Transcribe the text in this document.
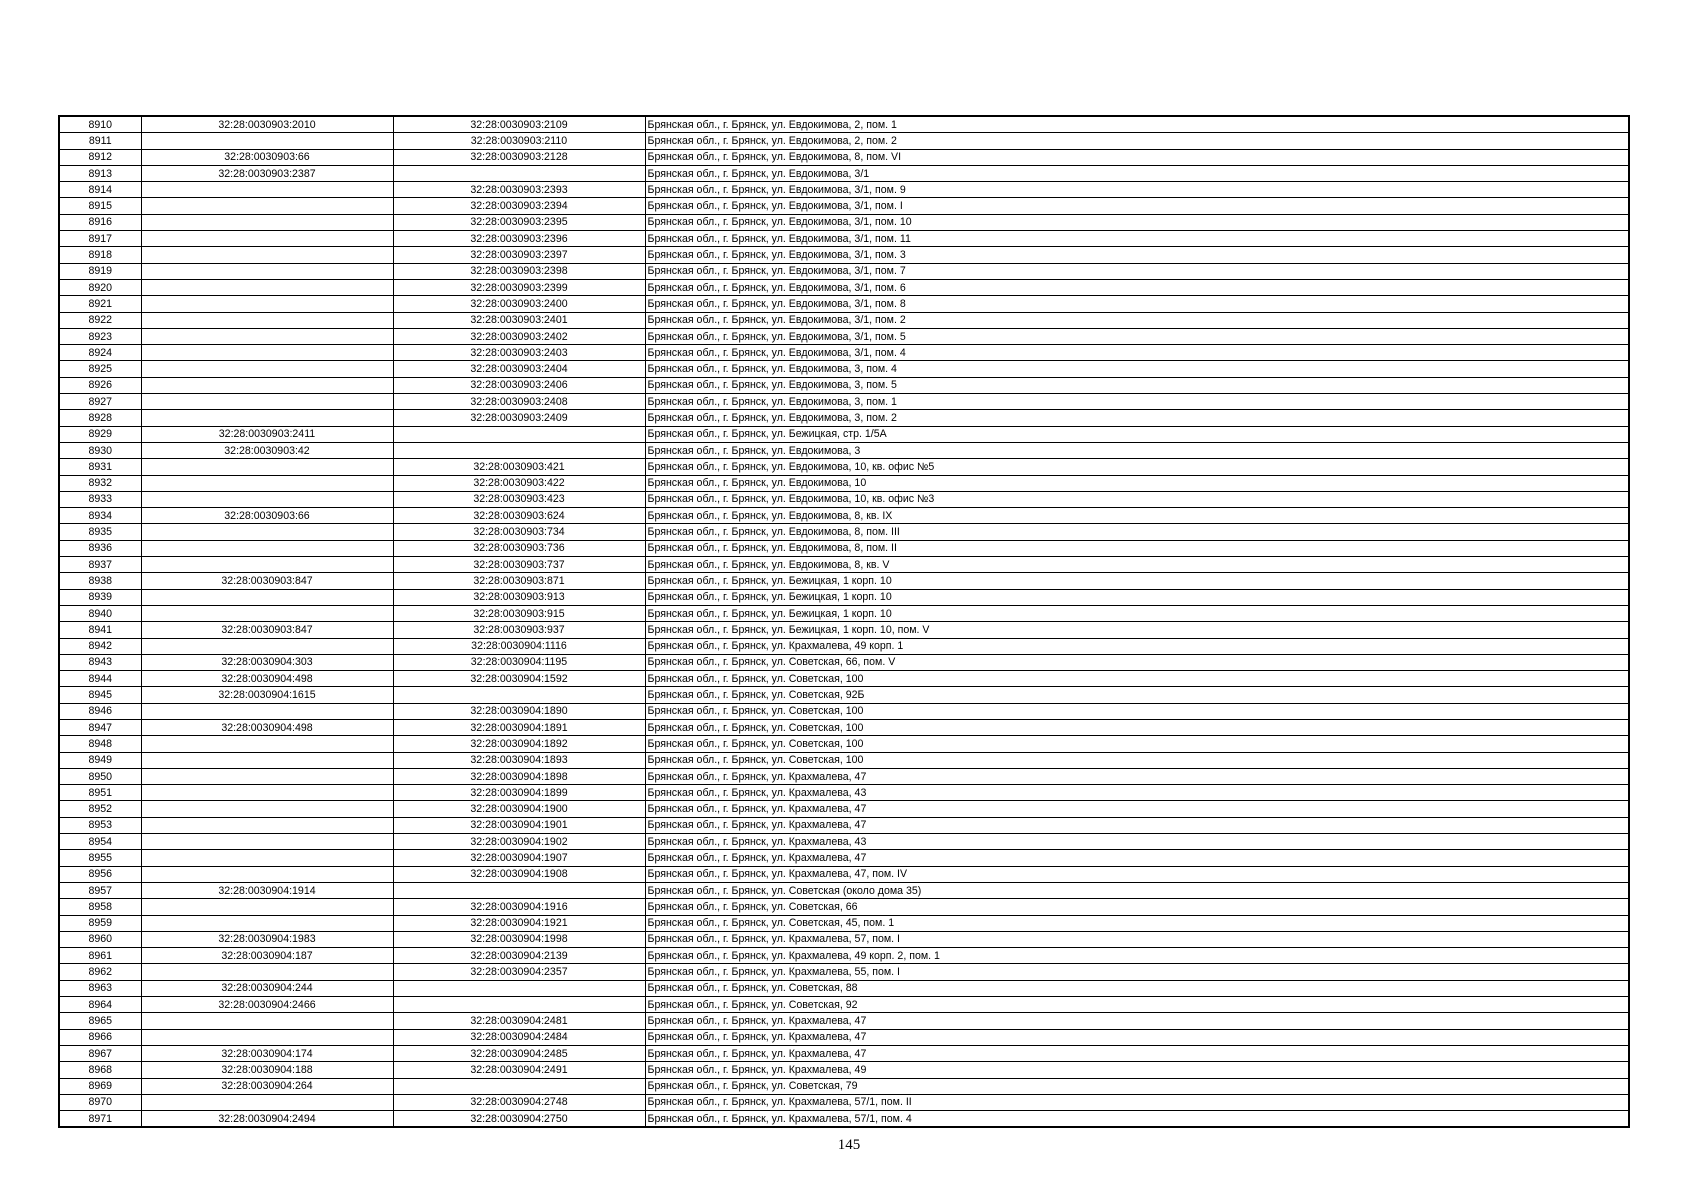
8910	32:28:0030903:2010	32:28:0030903:2109	Брянская обл., г. Брянск, ул. Евдокимова, 2, пом. 1
8911		32:28:0030903:2110	Брянская обл., г. Брянск, ул. Евдокимова, 2, пом. 2
8912	32:28:0030903:66	32:28:0030903:2128	Брянская обл., г. Брянск, ул. Евдокимова, 8, пом. VI
8913	32:28:0030903:2387		Брянская обл., г. Брянск, ул. Евдокимова, 3/1
8914		32:28:0030903:2393	Брянская обл., г. Брянск, ул. Евдокимова, 3/1, пом. 9
8915		32:28:0030903:2394	Брянская обл., г. Брянск, ул. Евдокимова, 3/1, пом. I
8916		32:28:0030903:2395	Брянская обл., г. Брянск, ул. Евдокимова, 3/1, пом. 10
8917		32:28:0030903:2396	Брянская обл., г. Брянск, ул. Евдокимова, 3/1, пом. 11
8918		32:28:0030903:2397	Брянская обл., г. Брянск, ул. Евдокимова, 3/1, пом. 3
8919		32:28:0030903:2398	Брянская обл., г. Брянск, ул. Евдокимова, 3/1, пом. 7
8920		32:28:0030903:2399	Брянская обл., г. Брянск, ул. Евдокимова, 3/1, пом. 6
8921		32:28:0030903:2400	Брянская обл., г. Брянск, ул. Евдокимова, 3/1, пом. 8
8922		32:28:0030903:2401	Брянская обл., г. Брянск, ул. Евдокимова, 3/1, пом. 2
8923		32:28:0030903:2402	Брянская обл., г. Брянск, ул. Евдокимова, 3/1, пом. 5
8924		32:28:0030903:2403	Брянская обл., г. Брянск, ул. Евдокимова, 3/1, пом. 4
8925		32:28:0030903:2404	Брянская обл., г. Брянск, ул. Евдокимова, 3, пом. 4
8926		32:28:0030903:2406	Брянская обл., г. Брянск, ул. Евдокимова, 3, пом. 5
8927		32:28:0030903:2408	Брянская обл., г. Брянск, ул. Евдокимова, 3, пом. 1
8928		32:28:0030903:2409	Брянская обл., г. Брянск, ул. Евдокимова, 3, пом. 2
8929	32:28:0030903:2411		Брянская обл., г. Брянск, ул. Бежицкая, стр. 1/5А
8930	32:28:0030903:42		Брянская обл., г. Брянск, ул. Евдокимова, 3
8931		32:28:0030903:421	Брянская обл., г. Брянск, ул. Евдокимова, 10, кв. офис №5
8932		32:28:0030903:422	Брянская обл., г. Брянск, ул. Евдокимова, 10
8933		32:28:0030903:423	Брянская обл., г. Брянск, ул. Евдокимова, 10, кв. офис №3
8934	32:28:0030903:66	32:28:0030903:624	Брянская обл., г. Брянск, ул. Евдокимова, 8, кв. IX
8935		32:28:0030903:734	Брянская обл., г. Брянск, ул. Евдокимова, 8, пом. III
8936		32:28:0030903:736	Брянская обл., г. Брянск, ул. Евдокимова, 8, пом. II
8937		32:28:0030903:737	Брянская обл., г. Брянск, ул. Евдокимова, 8, кв. V
8938	32:28:0030903:847	32:28:0030903:871	Брянская обл., г. Брянск, ул. Бежицкая, 1 корп. 10
8939		32:28:0030903:913	Брянская обл., г. Брянск, ул. Бежицкая, 1 корп. 10
8940		32:28:0030903:915	Брянская обл., г. Брянск, ул. Бежицкая, 1 корп. 10
8941	32:28:0030903:847	32:28:0030903:937	Брянская обл., г. Брянск, ул. Бежицкая, 1 корп. 10, пом. V
8942		32:28:0030904:1116	Брянская обл., г. Брянск, ул. Крахмалева, 49 корп. 1
8943	32:28:0030904:303	32:28:0030904:1195	Брянская обл., г. Брянск, ул. Советская, 66, пом. V
8944	32:28:0030904:498	32:28:0030904:1592	Брянская обл., г. Брянск, ул. Советская, 100
8945	32:28:0030904:1615		Брянская обл., г. Брянск, ул. Советская, 92Б
8946		32:28:0030904:1890	Брянская обл., г. Брянск, ул. Советская, 100
8947	32:28:0030904:498	32:28:0030904:1891	Брянская обл., г. Брянск, ул. Советская, 100
8948		32:28:0030904:1892	Брянская обл., г. Брянск, ул. Советская, 100
8949		32:28:0030904:1893	Брянская обл., г. Брянск, ул. Советская, 100
8950		32:28:0030904:1898	Брянская обл., г. Брянск, ул. Крахмалева, 47
8951		32:28:0030904:1899	Брянская обл., г. Брянск, ул. Крахмалева, 43
8952		32:28:0030904:1900	Брянская обл., г. Брянск, ул. Крахмалева, 47
8953		32:28:0030904:1901	Брянская обл., г. Брянск, ул. Крахмалева, 47
8954		32:28:0030904:1902	Брянская обл., г. Брянск, ул. Крахмалева, 43
8955		32:28:0030904:1907	Брянская обл., г. Брянск, ул. Крахмалева, 47
8956		32:28:0030904:1908	Брянская обл., г. Брянск, ул. Крахмалева, 47, пом. IV
8957	32:28:0030904:1914		Брянская обл., г. Брянск, ул. Советская (около дома 35)
8958		32:28:0030904:1916	Брянская обл., г. Брянск, ул. Советская, 66
8959		32:28:0030904:1921	Брянская обл., г. Брянск, ул. Советская, 45, пом. 1
8960	32:28:0030904:1983	32:28:0030904:1998	Брянская обл., г. Брянск, ул. Крахмалева, 57, пом. I
8961	32:28:0030904:187	32:28:0030904:2139	Брянская обл., г. Брянск, ул. Крахмалева, 49 корп. 2, пом. 1
8962		32:28:0030904:2357	Брянская обл., г. Брянск, ул. Крахмалева, 55, пом. I
8963	32:28:0030904:244		Брянская обл., г. Брянск, ул. Советская, 88
8964	32:28:0030904:2466		Брянская обл., г. Брянск, ул. Советская, 92
8965		32:28:0030904:2481	Брянская обл., г. Брянск, ул. Крахмалева, 47
8966		32:28:0030904:2484	Брянская обл., г. Брянск, ул. Крахмалева, 47
8967	32:28:0030904:174	32:28:0030904:2485	Брянская обл., г. Брянск, ул. Крахмалева, 47
8968	32:28:0030904:188	32:28:0030904:2491	Брянская обл., г. Брянск, ул. Крахмалева, 49
8969	32:28:0030904:264		Брянская обл., г. Брянск, ул. Советская, 79
8970		32:28:0030904:2748	Брянская обл., г. Брянск, ул. Крахмалева, 57/1, пом. II
8971	32:28:0030904:2494	32:28:0030904:2750	Брянская обл., г. Брянск, ул. Крахмалева, 57/1, пом. 4
145
